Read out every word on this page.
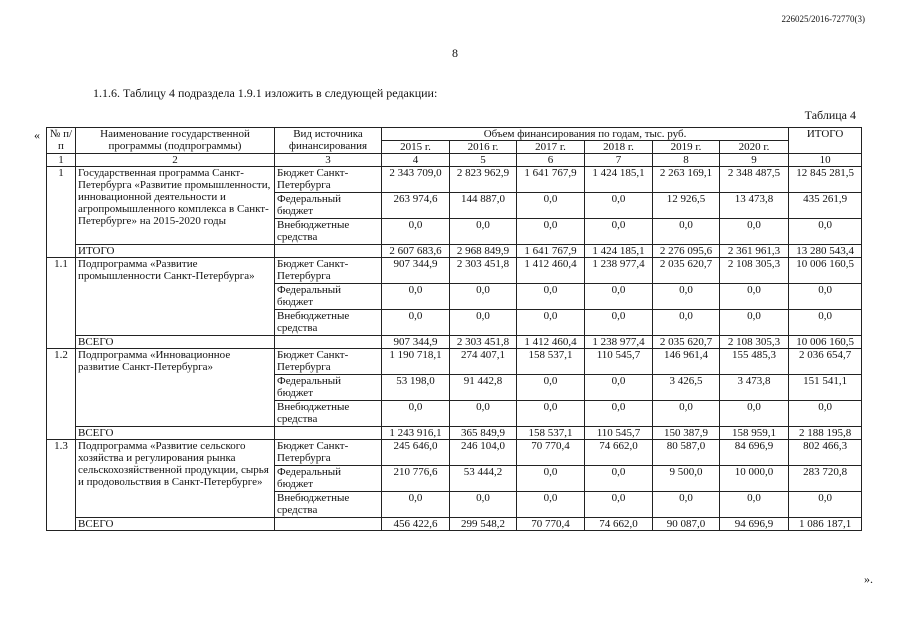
226025/2016-72770(3)
8
1.1.6. Таблицу 4 подраздела 1.9.1 изложить в следующей редакции:
Таблица 4
« № п/п	Наименование государственной программы (подпрограммы)	Вид источника финансирования	Объем финансирования по годам, тыс. руб.						ИТОГО
			2015 г.	2016 г.	2017 г.	2018 г.	2019 г.	2020 г.	
1	2	3	4	5	6	7	8	9	10
1	Государственная программа Санкт-Петербурга «Развитие промышленности, инновационной деятельности и агропромышленного комплекса в Санкт-Петербурге» на 2015-2020 годы	Бюджет Санкт-Петербурга	2 343 709,0	2 823 962,9	1 641 767,9	1 424 185,1	2 263 169,1	2 348 487,5	12 845 281,5
		Федеральный бюджет	263 974,6	144 887,0	0,0	0,0	12 926,5	13 473,8	435 261,9
		Внебюджетные средства	0,0	0,0	0,0	0,0	0,0	0,0	0,0
	ИТОГО		2 607 683,6	2 968 849,9	1 641 767,9	1 424 185,1	2 276 095,6	2 361 961,3	13 280 543,4
1.1	Подпрограмма «Развитие промышленности Санкт-Петербурга»	Бюджет Санкт-Петербурга	907 344,9	2 303 451,8	1 412 460,4	1 238 977,4	2 035 620,7	2 108 305,3	10 006 160,5
		Федеральный бюджет	0,0	0,0	0,0	0,0	0,0	0,0	0,0
		Внебюджетные средства	0,0	0,0	0,0	0,0	0,0	0,0	0,0
	ВСЕГО		907 344,9	2 303 451,8	1 412 460,4	1 238 977,4	2 035 620,7	2 108 305,3	10 006 160,5
1.2	Подпрограмма «Инновационное развитие Санкт-Петербурга»	Бюджет Санкт-Петербурга	1 190 718,1	274 407,1	158 537,1	110 545,7	146 961,4	155 485,3	2 036 654,7
		Федеральный бюджет	53 198,0	91 442,8	0,0	0,0	3 426,5	3 473,8	151 541,1
		Внебюджетные средства	0,0	0,0	0,0	0,0	0,0	0,0	0,0
	ВСЕГО		1 243 916,1	365 849,9	158 537,1	110 545,7	150 387,9	158 959,1	2 188 195,8
1.3	Подпрограмма «Развитие сельского хозяйства и регулирования рынка сельскохозяйственной продукции, сырья и продовольствия в Санкт-Петербурге»	Бюджет Санкт-Петербурга	245 646,0	246 104,0	70 770,4	74 662,0	80 587,0	84 696,9	802 466,3
		Федеральный бюджет	210 776,6	53 444,2	0,0	0,0	9 500,0	10 000,0	283 720,8
		Внебюджетные средства	0,0	0,0	0,0	0,0	0,0	0,0	0,0
	ВСЕГО		456 422,6	299 548,2	70 770,4	74 662,0	90 087,0	94 696,9	1 086 187,1
».
